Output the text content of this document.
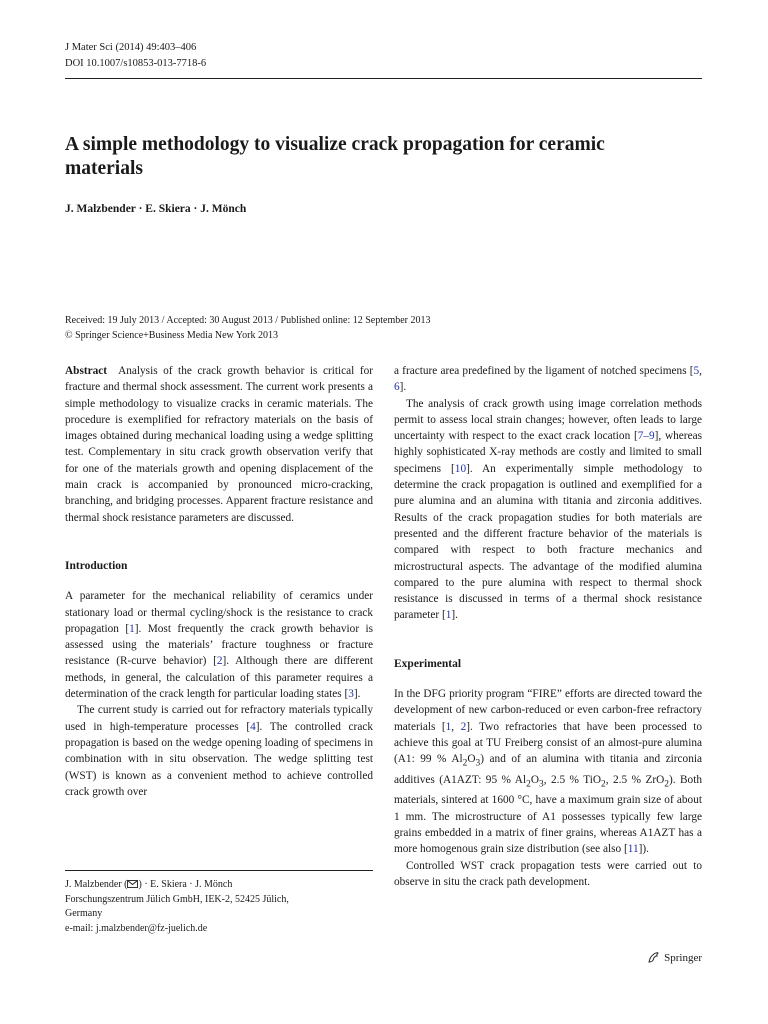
J Mater Sci (2014) 49:403–406
DOI 10.1007/s10853-013-7718-6
A simple methodology to visualize crack propagation for ceramic materials
J. Malzbender · E. Skiera · J. Mönch
Received: 19 July 2013 / Accepted: 30 August 2013 / Published online: 12 September 2013
© Springer Science+Business Media New York 2013

Abstract Analysis of the crack growth behavior is critical for fracture and thermal shock assessment. The current work presents a simple methodology to visualize cracks in ceramic materials. The procedure is exemplified for refractory materials on the basis of images obtained during mechanical loading using a wedge splitting test. Complementary in situ crack growth observation verify that for one of the materials growth and opening displacement of the main crack is accompanied by pronounced micro-cracking, branching, and bridging processes. Apparent fracture resistance and thermal shock resistance parameters are discussed.

Introduction

A parameter for the mechanical reliability of ceramics under stationary load or thermal cycling/shock is the resistance to crack propagation [1]. Most frequently the crack growth behavior is assessed using the materials’ fracture toughness or fracture resistance (R-curve behavior) [2]. Although there are different methods, in general, the calculation of this parameter requires a determination of the crack length for particular loading states [3].

The current study is carried out for refractory materials typically used in high-temperature processes [4]. The controlled crack propagation is based on the wedge opening loading of specimens in combination with in situ observation. The wedge splitting test (WST) is known as a convenient method to achieve controlled crack growth over

J. Malzbender ( ) · E. Skiera · J. Mönch
Forschungszentrum Jülich GmbH, IEK-2, 52425 Jülich,
Germany
e-mail: j.malzbender@fz-juelich.de

a fracture area predefined by the ligament of notched specimens [5, 6].

The analysis of crack growth using image correlation methods permit to assess local strain changes; however, often leads to large uncertainty with respect to the exact crack location [7–9], whereas highly sophisticated X-ray methods are costly and limited to small specimens [10]. An experimentally simple methodology to determine the crack propagation is outlined and exemplified for a pure alumina and an alumina with titania and zirconia additives. Results of the crack propagation studies for both materials are presented and the different fracture behavior of the materials is compared with respect to both fracture mechanics and microstructural aspects. The advantage of the modified alumina compared to the pure alumina with respect to thermal shock resistance is discussed in terms of a thermal shock resistance parameter [1].

Experimental

In the DFG priority program “FIRE” efforts are directed toward the development of new carbon-reduced or even carbon-free refractory materials [1, 2]. Two refractories that have been processed to achieve this goal at TU Freiberg consist of an almost-pure alumina (A1: 99 % $Al_2O_3$) and of an alumina with titania and zirconia additives (A1AZT: 95 % $Al_2O_3$, 2.5 % TiO$_2$, 2.5 % ZrO$_2$). Both materials, sintered at 1600 °C, have a maximum grain size of about 1 mm. The microstructure of A1 possesses typically few large grains embedded in a matrix of finer grains, whereas A1AZT has a more homogenous grain size distribution (see also [11]).

Controlled WST crack propagation tests were carried out to observe in situ the crack path development.

Springer
